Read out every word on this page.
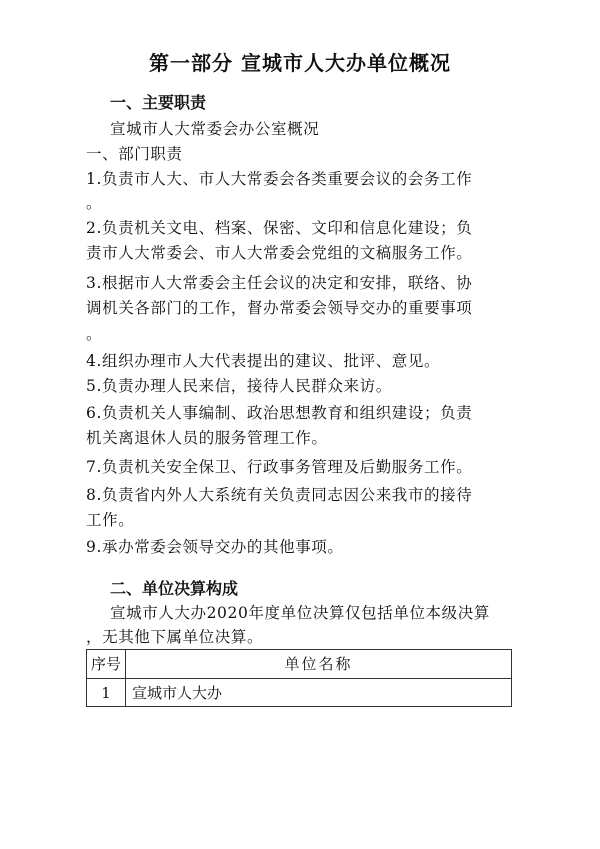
第一部分 宣城市人大办单位概况
一、主要职责
宣城市人大常委会办公室概况
一、部门职责
1.负责市人大、市人大常委会各类重要会议的会务工作
。
2.负责机关文电、档案、保密、文印和信息化建设；负
责市人大常委会、市人大常委会党组的文稿服务工作。
3.根据市人大常委会主任会议的决定和安排，联络、协
调机关各部门的工作，督办常委会领导交办的重要事项
。
4.组织办理市人大代表提出的建议、批评、意见。
5.负责办理人民来信，接待人民群众来访。
6.负责机关人事编制、政治思想教育和组织建设；负责
机关离退休人员的服务管理工作。
7.负责机关安全保卫、行政事务管理及后勤服务工作。
8.负责省内外人大系统有关负责同志因公来我市的接待
工作。
9.承办常委会领导交办的其他事项。
二、单位决算构成
宣城市人大办2020年度单位决算仅包括单位本级决算
，无其他下属单位决算。
序号	单位名称
1	宣城市人大办
